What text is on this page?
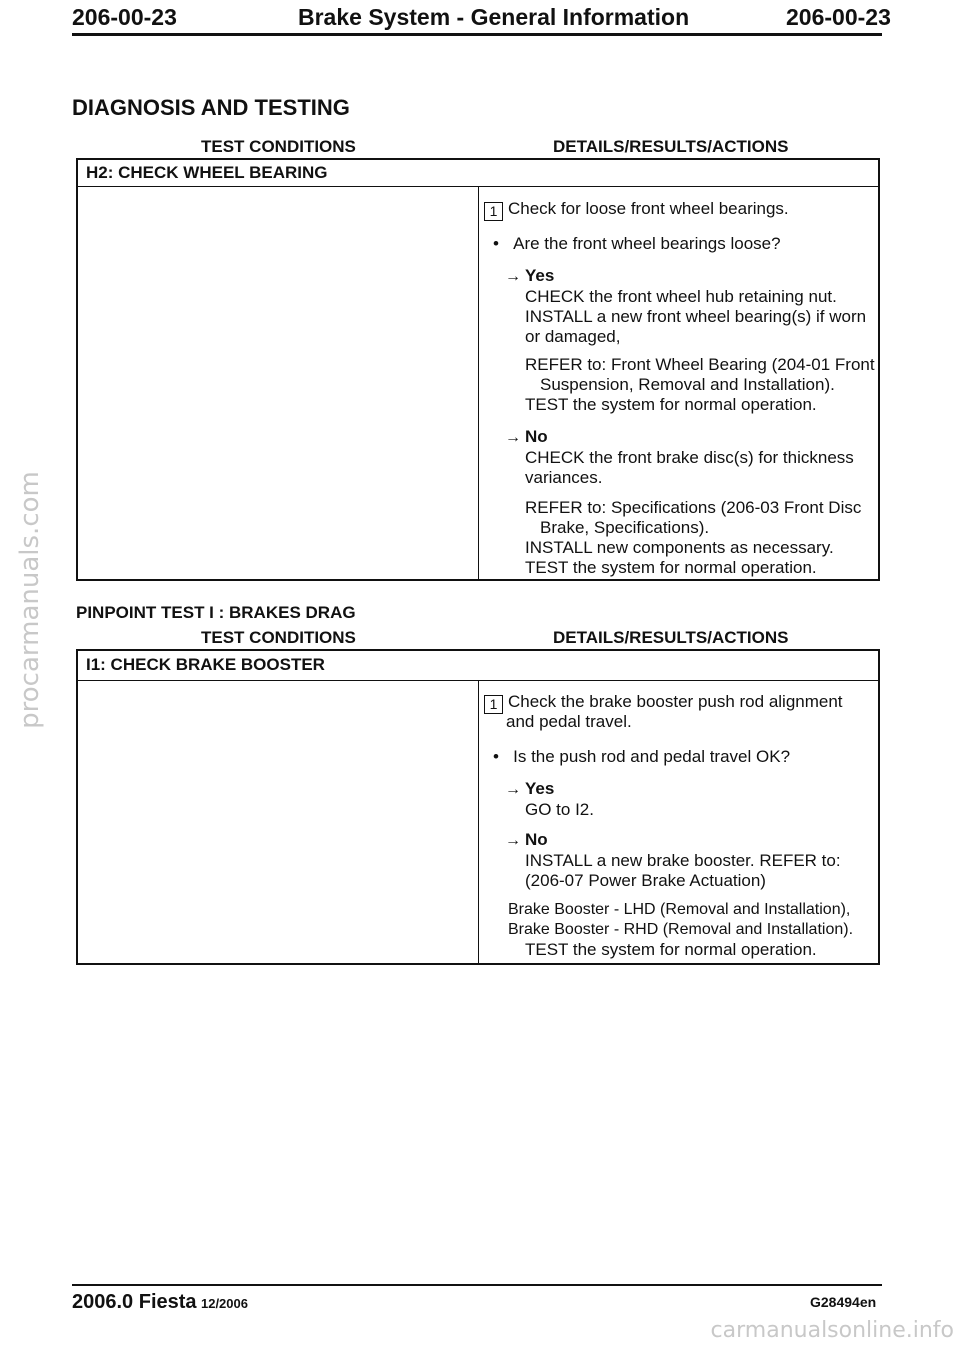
206-00-23	Brake System - General Information	206-00-23
DIAGNOSIS AND TESTING
TEST CONDITIONS	DETAILS/RESULTS/ACTIONS
H2: CHECK WHEEL BEARING
1 Check for loose front wheel bearings.
• Are the front wheel bearings loose?
→ Yes
CHECK the front wheel hub retaining nut.
INSTALL a new front wheel bearing(s) if worn
or damaged,
REFER to: Front Wheel Bearing (204-01 Front
Suspension, Removal and Installation).
TEST the system for normal operation.
→ No
CHECK the front brake disc(s) for thickness
variances.
REFER to: Specifications (206-03 Front Disc
Brake, Specifications).
INSTALL new components as necessary.
TEST the system for normal operation.
PINPOINT TEST I : BRAKES DRAG
TEST CONDITIONS	DETAILS/RESULTS/ACTIONS
I1: CHECK BRAKE BOOSTER
1 Check the brake booster push rod alignment
and pedal travel.
• Is the push rod and pedal travel OK?
→ Yes
GO to I2.
→ No
INSTALL a new brake booster. REFER to:
(206-07 Power Brake Actuation)
Brake Booster - LHD (Removal and Installation),
Brake Booster - RHD (Removal and Installation).
TEST the system for normal operation.
2006.0 Fiesta 12/2006	G28494en
procarmanuals.com
carmanualsonline.info
